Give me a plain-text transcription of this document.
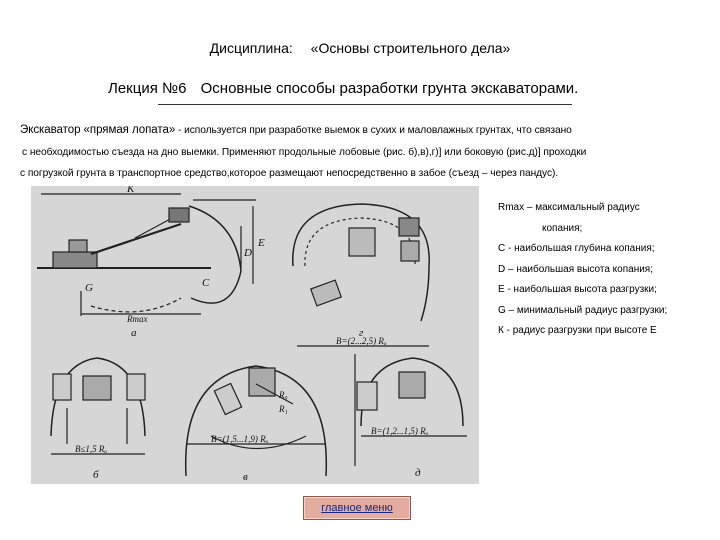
Дисциплина: «Основы строительного дела»
Лекция №6 Основные способы разработки грунта экскаваторами.
Экскаватор «прямая лопата» - используется при разработке выемок в сухих и маловлажных грунтах, что связано
с необходимостью съезда на дно выемки. Применяют продольные лобовые (рис. б),в),г)] или боковую (рис.д)] проходки
с погрузкой грунта в транспортное средство,которое размещают непосредственно в забое (съезд – через пандус).
K
E
D
C
G
Rmax
B=(2...2,5) Rₒ
B≤1,5 Rₒ
B=(1,5...1,9) Rₒ
B=(1,2...1,5) Rₒ
R₀
R₁
а
б	в
г
д
Rmax – максимальный радиус
копания;
С - наибольшая глубина копания;
D – наибольшая высота копания;
Е - наибольшая высота разгрузки;
G – минимальный радиус разгрузки;
К - радиус разгрузки при высоте Е
главное меню
